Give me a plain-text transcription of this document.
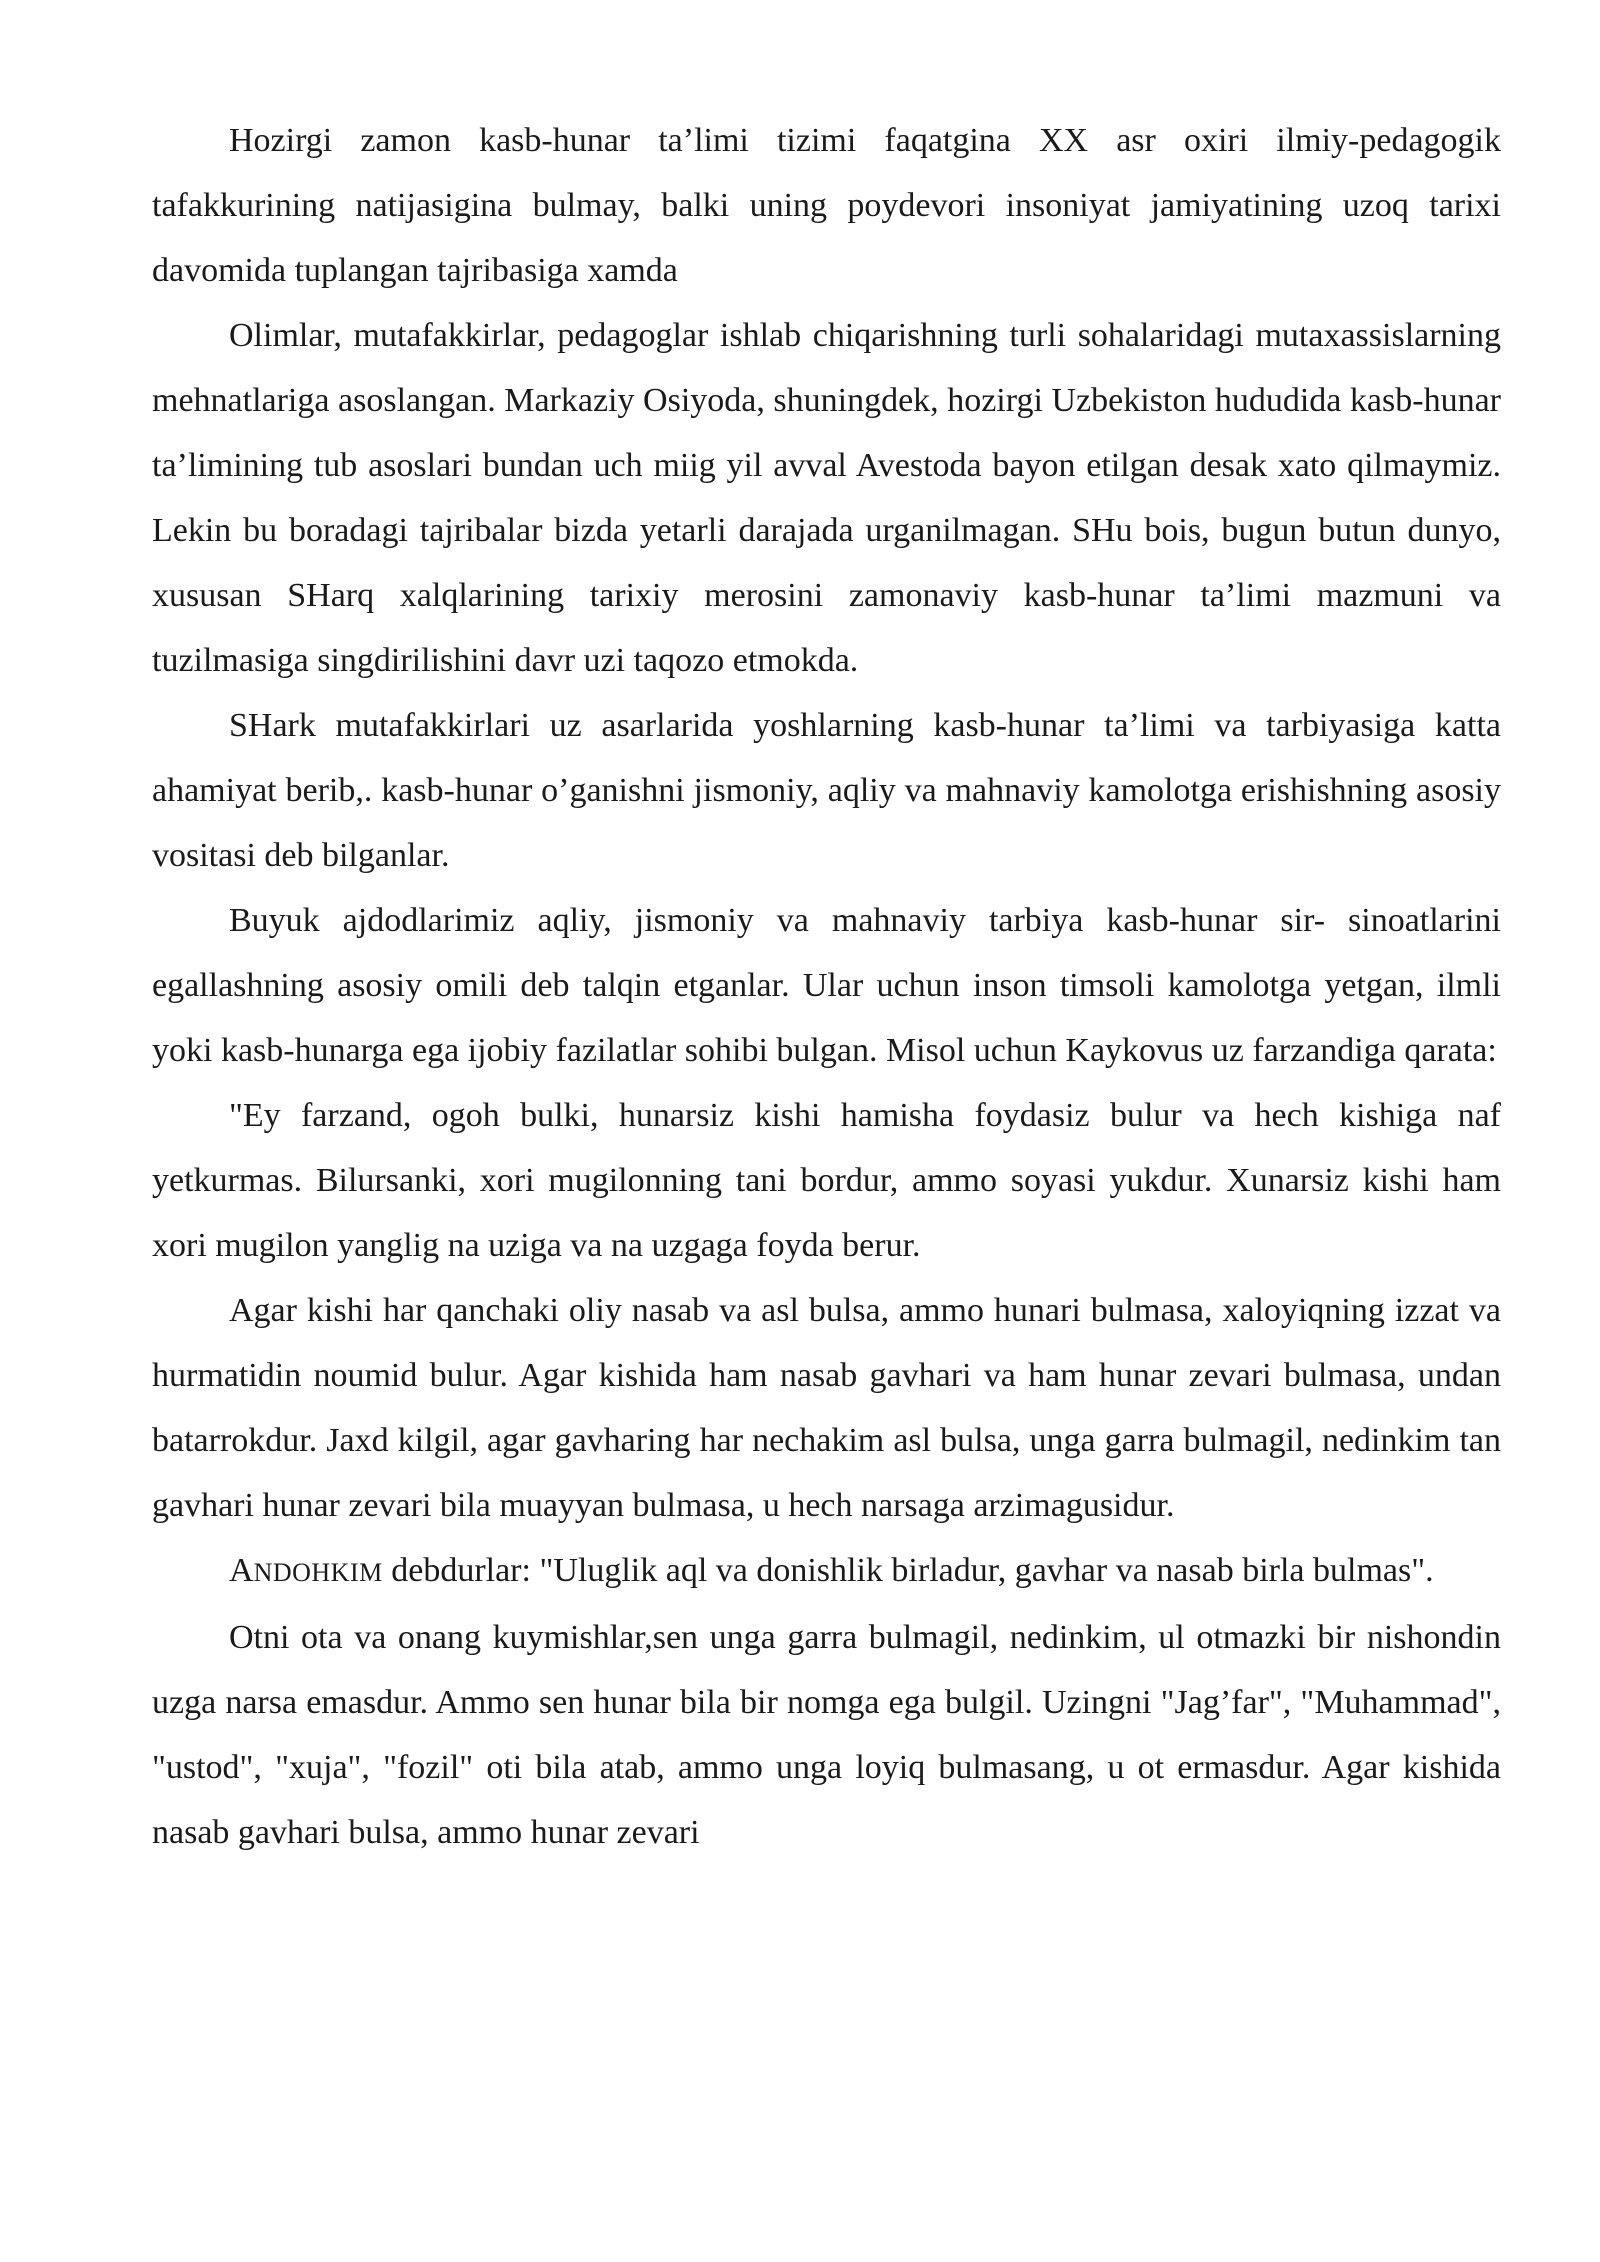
Hozirgi zamon kasb-hunar ta’limi tizimi faqatgina XX asr oxiri ilmiy-pedagogik tafakkurining natijasigina bulmay, balki uning poydevori insoniyat jamiyatining uzoq tarixi davomida tuplangan tajribasiga xamda

Olimlar, mutafakkirlar, pedagoglar ishlab chiqarishning turli sohalaridagi mutaxassislarning mehnatlariga asoslangan. Markaziy Osiyoda, shuningdek, hozirgi Uzbekiston hududida kasb-hunar ta’limining tub asoslari bundan uch miig yil avval Avestoda bayon etilgan desak xato qilmaymiz. Lekin bu boradagi tajribalar bizda yetarli darajada urganilmagan. SHu bois, bugun butun dunyo, xususan SHarq xalqlarining tarixiy merosini zamonaviy kasb-hunar ta’limi mazmuni va tuzilmasiga singdirilishini davr uzi taqozo etmokda.

SHark mutafakkirlari uz asarlarida yoshlarning kasb-hunar ta’limi va tarbiyasiga katta ahamiyat berib,. kasb-hunar o’ganishni jismoniy, aqliy va mahnaviy kamolotga erishishning asosiy vositasi deb bilganlar.

Buyuk ajdodlarimiz aqliy, jismoniy va mahnaviy tarbiya kasb-hunar sir- sinoatlarini egallashning asosiy omili deb talqin etganlar. Ular uchun inson timsoli kamolotga yetgan, ilmli yoki kasb-hunarga ega ijobiy fazilatlar sohibi bulgan. Misol uchun Kaykovus uz farzandiga qarata:

"Ey farzand, ogoh bulki, hunarsiz kishi hamisha foydasiz bulur va hech kishiga naf yetkurmas. Bilursanki, xori mugilonning tani bordur, ammo soyasi yukdur. Xunarsiz kishi ham xori mugilon yanglig na uziga va na uzgaga foyda berur.

Agar kishi har qanchaki oliy nasab va asl bulsa, ammo hunari bulmasa, xaloyiqning izzat va hurmatidin noumid bulur. Agar kishida ham nasab gavhari va ham hunar zevari bulmasa, undan batarrokdur. Jaxd kilgil, agar gavharing har nechakim asl bulsa, unga garra bulmagil, nedinkim tan gavhari hunar zevari bila muayyan bulmasa, u hech narsaga arzimagusidur.

ANDOHKIM debdurlar: "Uluglik aql va donishlik birladur, gavhar va nasab birla bulmas".

Otni ota va onang kuymishlar,sen unga garra bulmagil, nedinkim, ul otmazki bir nishondin uzga narsa emasdur. Ammo sen hunar bila bir nomga ega bulgil. Uzingni "Jag’far", "Muhammad", "ustod", "xuja", "fozil" oti bila atab, ammo unga loyiq bulmasang, u ot ermasdur. Agar kishida nasab gavhari bulsa, ammo hunar zevari
